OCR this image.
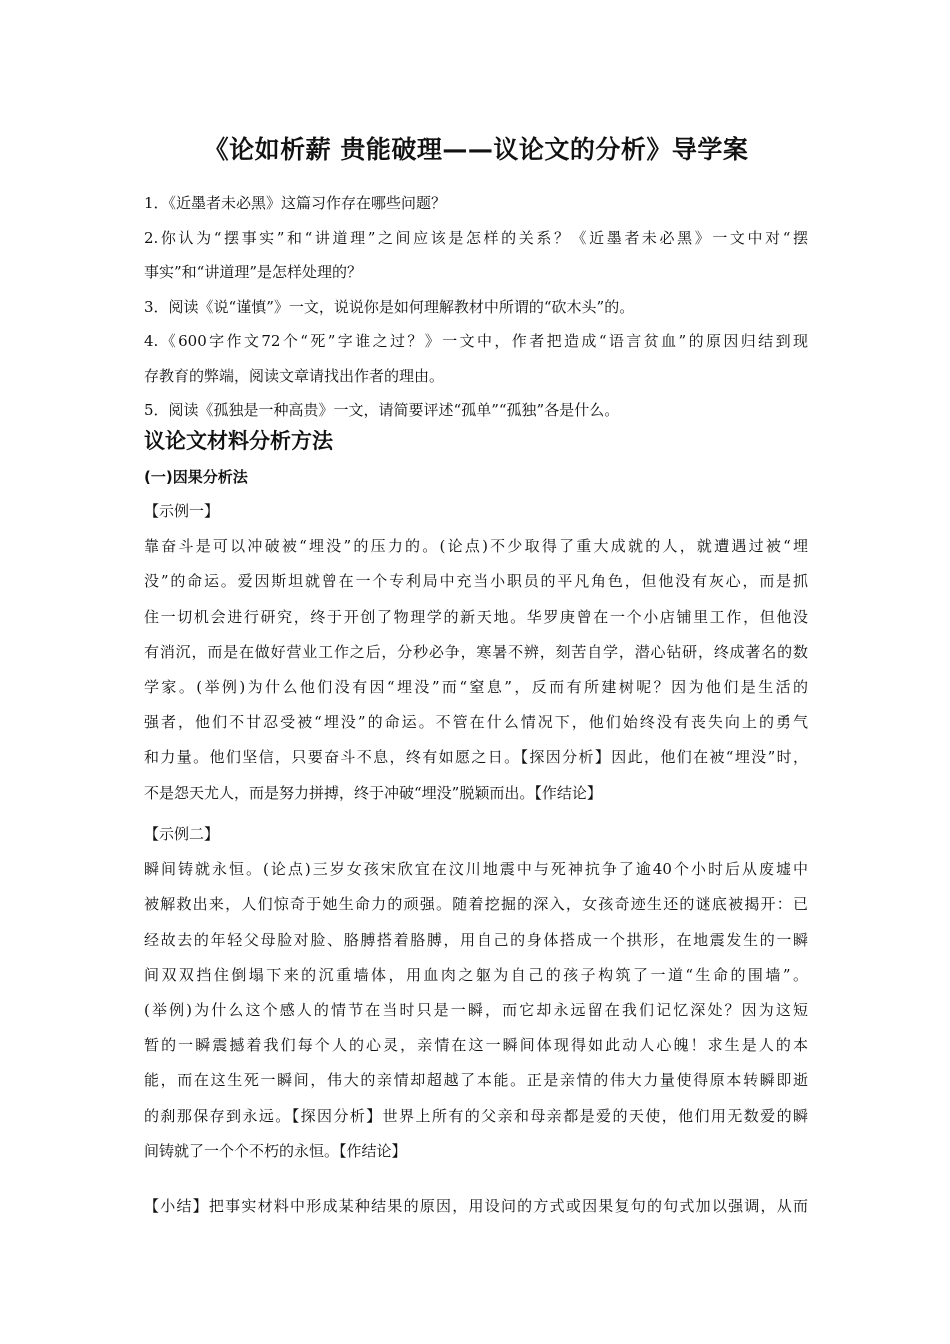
《论如析薪 贵能破理——议论文的分析》导学案
1．《近墨者未必黑》这篇习作存在哪些问题？
2.你认为“摆事实”和“讲道理”之间应该是怎样的关系？《近墨者未必黑》一文中对“摆
事实”和“讲道理”是怎样处理的？
3．阅读《说“谨慎”》一文，说说你是如何理解教材中所谓的“砍木头”的。
4.《600字作文72个“死”字谁之过？》一文中，作者把造成“语言贫血”的原因归结到现
存教育的弊端，阅读文章请找出作者的理由。
5．阅读《孤独是一种高贵》一文，请简要评述“孤单”“孤独”各是什么。
议论文材料分析方法
(一)因果分析法
【示例一】
靠奋斗是可以冲破被“埋没”的压力的。(论点)不少取得了重大成就的人，就遭遇过被“埋
没”的命运。爱因斯坦就曾在一个专利局中充当小职员的平凡角色，但他没有灰心，而是抓
住一切机会进行研究，终于开创了物理学的新天地。华罗庚曾在一个小店铺里工作，但他没
有消沉，而是在做好营业工作之后，分秒必争，寒暑不辨，刻苦自学，潜心钻研，终成著名的数
学家。(举例)为什么他们没有因“埋没”而“窒息”，反而有所建树呢？因为他们是生活的
强者，他们不甘忍受被“埋没”的命运。不管在什么情况下，他们始终没有丧失向上的勇气
和力量。他们坚信，只要奋斗不息，终有如愿之日。【探因分析】因此，他们在被“埋没”时，
不是怨天尤人，而是努力拼搏，终于冲破“埋没”脱颖而出。【作结论】
【示例二】
瞬间铸就永恒。(论点)三岁女孩宋欣宜在汶川地震中与死神抗争了逾40个小时后从废墟中
被解救出来，人们惊奇于她生命力的顽强。随着挖掘的深入，女孩奇迹生还的谜底被揭开：已
经故去的年轻父母脸对脸、胳膊搭着胳膊，用自己的身体搭成一个拱形，在地震发生的一瞬
间双双挡住倒塌下来的沉重墙体，用血肉之躯为自己的孩子构筑了一道“生命的围墙”。
(举例)为什么这个感人的情节在当时只是一瞬，而它却永远留在我们记忆深处？因为这短
暂的一瞬震撼着我们每个人的心灵，亲情在这一瞬间体现得如此动人心魄！求生是人的本
能，而在这生死一瞬间，伟大的亲情却超越了本能。正是亲情的伟大力量使得原本转瞬即逝
的刹那保存到永远。【探因分析】世界上所有的父亲和母亲都是爱的天使，他们用无数爱的瞬
间铸就了一个个不朽的永恒。【作结论】
【小结】把事实材料中形成某种结果的原因，用设问的方式或因果复句的句式加以强调，从而
